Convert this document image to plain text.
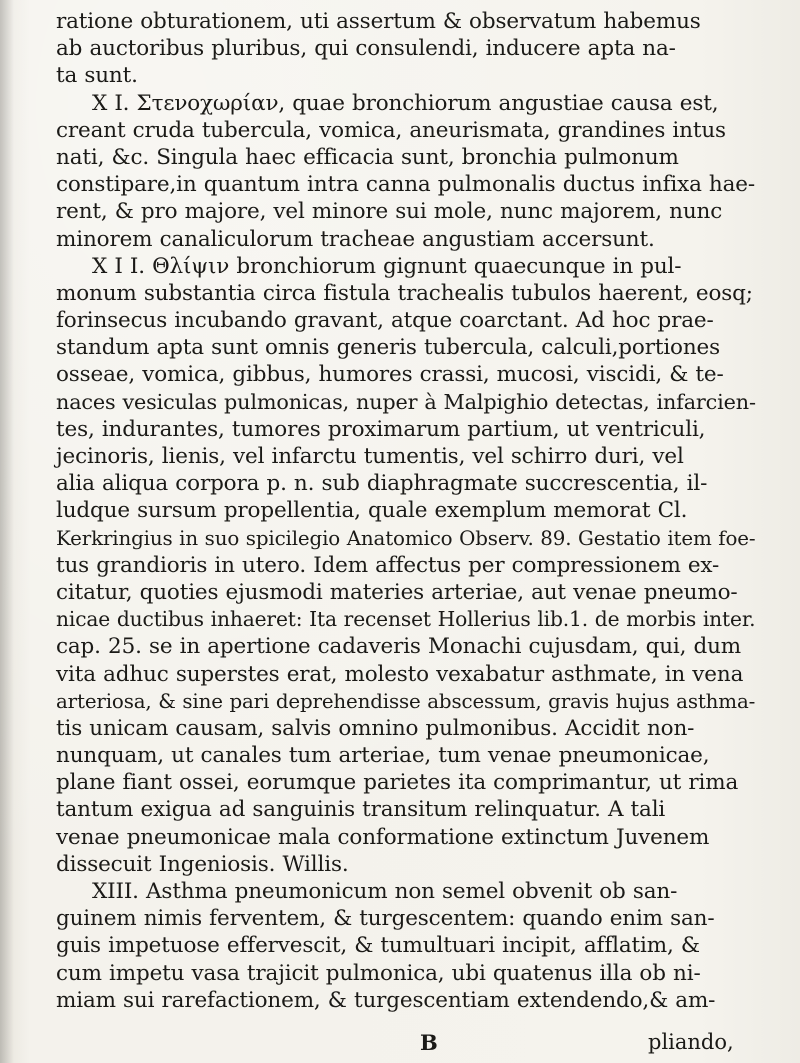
ratione obturationem, uti assertum & observatum habemus
ab auctoribus pluribus, qui consulendi, inducere apta na-
ta sunt.
X I. Στενοχωρίαν, quae bronchiorum angustiae causa est,
creant cruda tubercula, vomica, aneurismata, grandines intus
nati, &c. Singula haec efficacia sunt, bronchia pulmonum
constipare,in quantum intra canna pulmonalis ductus infixa hae-
rent, & pro majore, vel minore sui mole, nunc majorem, nunc
minorem canaliculorum tracheae angustiam accersunt.
X I I. Θλίψιν bronchiorum gignunt quaecunque in pul-
monum substantia circa fistula trachealis tubulos haerent, eosq;
forinsecus incubando gravant, atque coarctant. Ad hoc prae-
standum apta sunt omnis generis tubercula, calculi,portiones
osseae, vomica, gibbus, humores crassi, mucosi, viscidi, & te-
naces vesiculas pulmonicas, nuper à Malpighio detectas, infarcien-
tes, indurantes, tumores proximarum partium, ut ventriculi,
jecinoris, lienis, vel infarctu tumentis, vel schirro duri, vel
alia aliqua corpora p. n. sub diaphragmate succrescentia, il-
ludque sursum propellentia, quale exemplum memorat Cl.
Kerkringius in suo spicilegio Anatomico Observ. 89. Gestatio item foe-
tus grandioris in utero. Idem affectus per compressionem ex-
citatur, quoties ejusmodi materies arteriae, aut venae pneumo-
nicae ductibus inhaeret: Ita recenset Hollerius lib.1. de morbis inter.
cap. 25. se in apertione cadaveris Monachi cujusdam, qui, dum
vita adhuc superstes erat, molesto vexabatur asthmate, in vena
arteriosa, & sine pari deprehendisse abscessum, gravis hujus asthma-
tis unicam causam, salvis omnino pulmonibus. Accidit non-
nunquam, ut canales tum arteriae, tum venae pneumonicae,
plane fiant ossei, eorumque parietes ita comprimantur, ut rima
tantum exigua ad sanguinis transitum relinquatur. A tali
venae pneumonicae mala conformatione extinctum Juvenem
dissecuit Ingeniosis. Willis.
XIII. Asthma pneumonicum non semel obvenit ob san-
guinem nimis ferventem, & turgescentem: quando enim san-
guis impetuose effervescit, & tumultuari incipit, afflatim, &
cum impetu vasa trajicit pulmonica, ubi quatenus illa ob ni-
miam sui rarefactionem, & turgescentiam extendendo,& am-
B	pliando,
